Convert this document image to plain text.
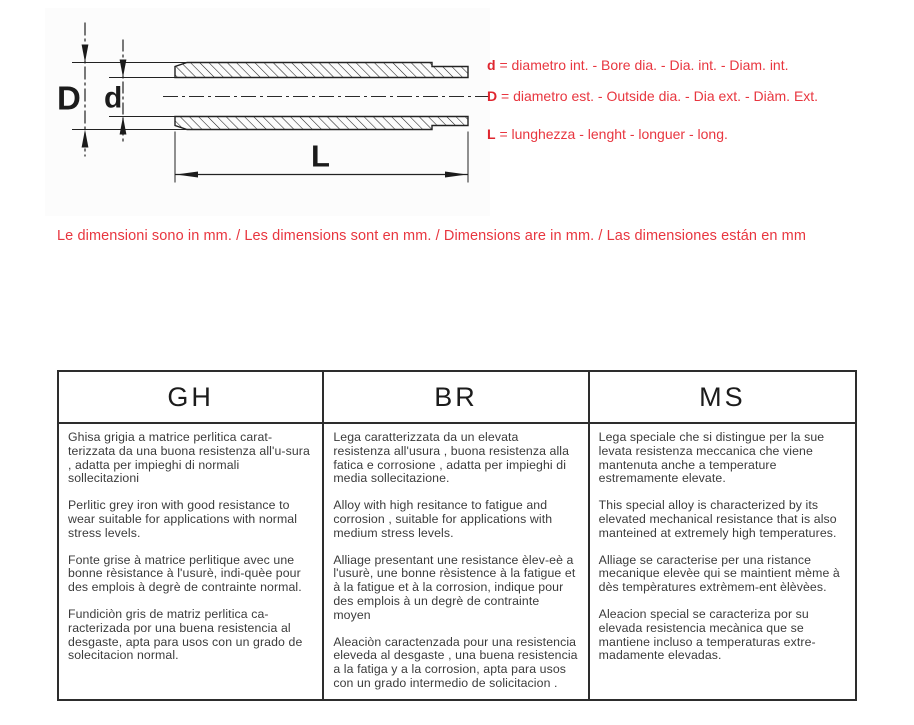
D d
L
d = diametro int. - Bore dia. - Dia. int. - Diam. int.
D = diametro est. - Outside dia. - Dia ext. - Diàm. Ext.
L = lunghezza - lenght - longuer - long.
Le dimensioni sono in mm. / Les dimensions sont en mm. / Dimensions are in mm. / Las dimensiones están en mm
GH	BR	MS

Ghisa grigia a matrice perlitica carat-terizzata da una buona resistenza all'u-sura , adatta per impieghi di normali sollecitazioni

Perlitic grey iron with good resistance to wear suitable for applications with normal stress levels.

Fonte grise à matrice perlitique avec une bonne rèsistance à l'usurè, indi-quèe pour des emplois à degrè de contrainte normal.

Fundiciòn gris de matriz perlitica ca-racterizada por una buena resistencia al desgaste, apta para usos con un grado de solecitacion normal.

Lega caratterizzata da un elevata resistenza all'usura , buona resistenza alla fatica e corrosione , adatta per impieghi di media sollecitazione.

Alloy with high resitance to fatigue and corrosion , suitable for applications with medium stress levels.

Alliage presentant une resistance èlev-eè a l'usurè, une bonne rèsistence à la fatigue et à la fatigue et à la corrosion, indique pour des emplois à un degrè de contrainte moyen

Aleaciòn caractenzada pour una resistencia eleveda al desgaste , una buena resistencia a la fatiga y a la corrosion, apta para usos con un grado intermedio de solicitacion .

Lega speciale che si distingue per la sue levata resistenza meccanica che viene mantenuta anche a temperature estremamente elevate.

This special alloy is characterized by its elevated mechanical resistance that is also manteined at extremely high temperatures.

Alliage se caracterise per una ristance mecanique elevèe qui se maintient mème à dès tempèratures extrèmem-ent èlèvèes.

Aleacion special se caracteriza por su elevada resistencia mecànica que se mantiene incluso a temperaturas extre-madamente elevadas.
